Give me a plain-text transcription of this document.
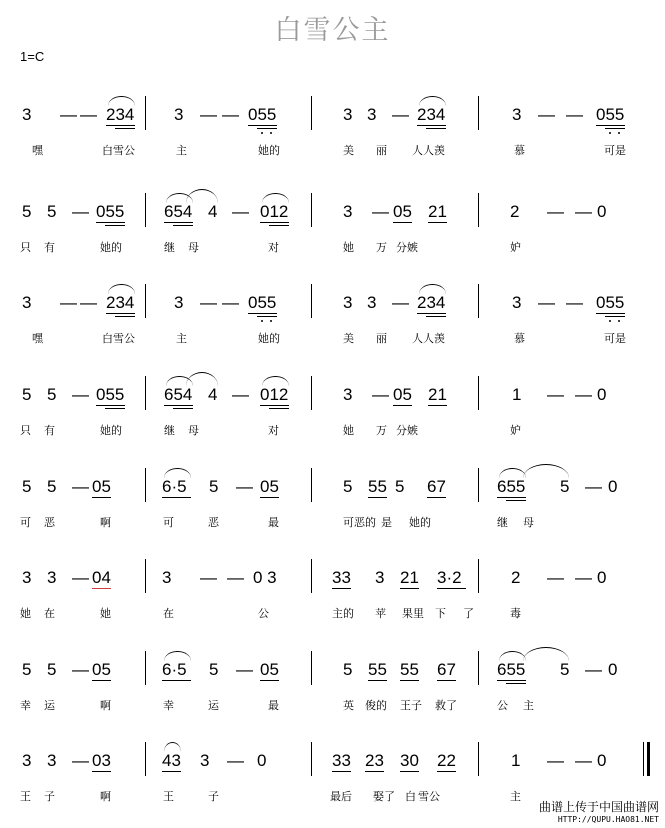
白雪公主
1=C
3 — — 234 3 — — 055	3 3 — 234	3 — — 055
嘿	白雪公	主	她的	美 丽 人人羡	慕	可是
5 5 — 055 654 4 — 012	3 — 05 21	2 — — 0
只 有	她的	继 母	对	她 万 分嫉	妒
3 — — 234 3 — — 055	3 3 — 234	3 — — 055
嘿	白雪公	主	她的	美 丽 人人羡	慕	可是
5 5 — 055 654 4 — 012	3 — 05 21	1 — — 0
只 有	她的	继 母	对	她 万 分嫉	妒
5 5 — 05	6·5 5 — 05	5 55 5 67	655 5 — 0
可 恶	啊	可	恶	最	可恶的 是 她的	继 母
3 3 — 04	3 — — 0 3	33 3 21 3·2	2 — — 0
她 在	她	在	公	主的 苹 果里 下 了	毒
5 5 — 05	6·5 5 — 05	5 55 55 67 655 5 — 0
幸 运	啊	幸	运	最	英 俊的 王子 救了	公 主
3 3 — 03	43 3 — 0	33 23 30 22	1 — — 0
王 子	啊	王	子	最后 娶了 白 雪公	主
曲谱上传于中国曲谱网
HTTP://QUPU.HAO81.NET
